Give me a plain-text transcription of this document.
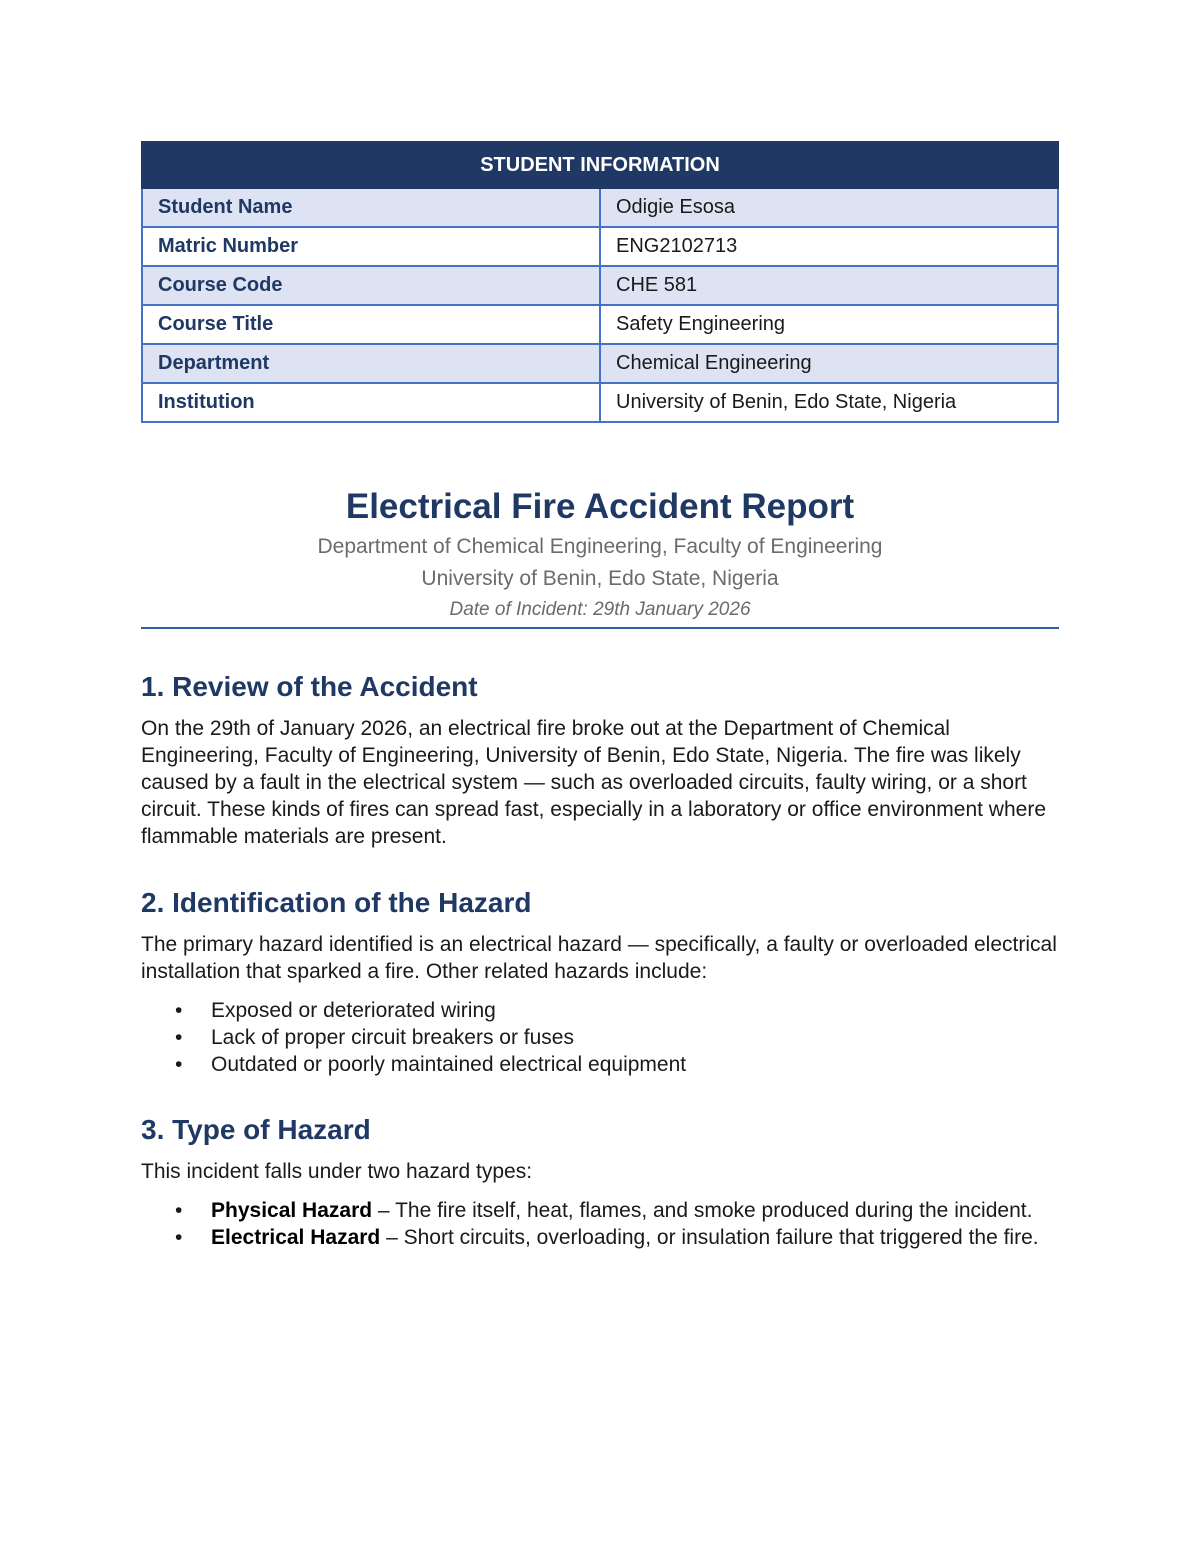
STUDENT INFORMATION	
Student Name	Odigie Esosa
Matric Number	ENG2102713
Course Code	CHE 581
Course Title	Safety Engineering
Department	Chemical Engineering
Institution	University of Benin, Edo State, Nigeria
Electrical Fire Accident Report
Department of Chemical Engineering, Faculty of Engineering
University of Benin, Edo State, Nigeria
Date of Incident: 29th January 2026
1. Review of the Accident

On the 29th of January 2026, an electrical fire broke out at the Department of Chemical Engineering, Faculty of Engineering, University of Benin, Edo State, Nigeria. The fire was likely caused by a fault in the electrical system — such as overloaded circuits, faulty wiring, or a short circuit. These kinds of fires can spread fast, especially in a laboratory or office environment where flammable materials are present.

2. Identification of the Hazard

The primary hazard identified is an electrical hazard — specifically, a faulty or overloaded electrical installation that sparked a fire. Other related hazards include:

• Exposed or deteriorated wiring
• Lack of proper circuit breakers or fuses
• Outdated or poorly maintained electrical equipment
3. Type of Hazard

This incident falls under two hazard types:

• Physical Hazard – The fire itself, heat, flames, and smoke produced during the incident.
• Electrical Hazard – Short circuits, overloading, or insulation failure that triggered the fire.
